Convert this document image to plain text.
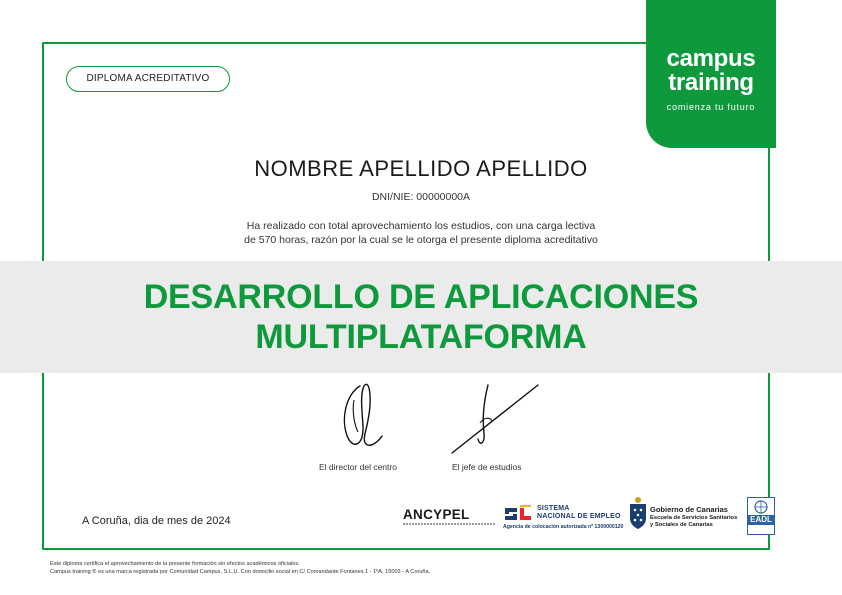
DIPLOMA ACREDITATIVO
campus
training
comienza tu futuro
NOMBRE APELLIDO APELLIDO
DNI/NIE: 00000000A
Ha realizado con total aprovechamiento los estudios, con una carga lectiva
de 570 horas, razón por la cual se le otorga el presente diploma acreditativo
DESARROLLO DE APLICACIONES
MULTIPLATAFORMA
El director del centro	El jefe de estudios
A Coruña, dia de mes de 2024	ANCYPEL	SISTEMA
NACIONAL DE EMPLEO
Agencia de colocación autorizada nº 1300000120
Gobierno de Canarias
Escuela de Servicios Sanitarios
y Sociales de Canarias
EADL
Este diploma certifica el aprovechamiento de la presente formación sin efectos académicos oficiales.
Campus training ® es una marca registrada por Comunidad Campus, S.L.U. Con domicilio social en C/ Comandante Fontanes 1 - 1ºA, 15003 - A Coruña.
